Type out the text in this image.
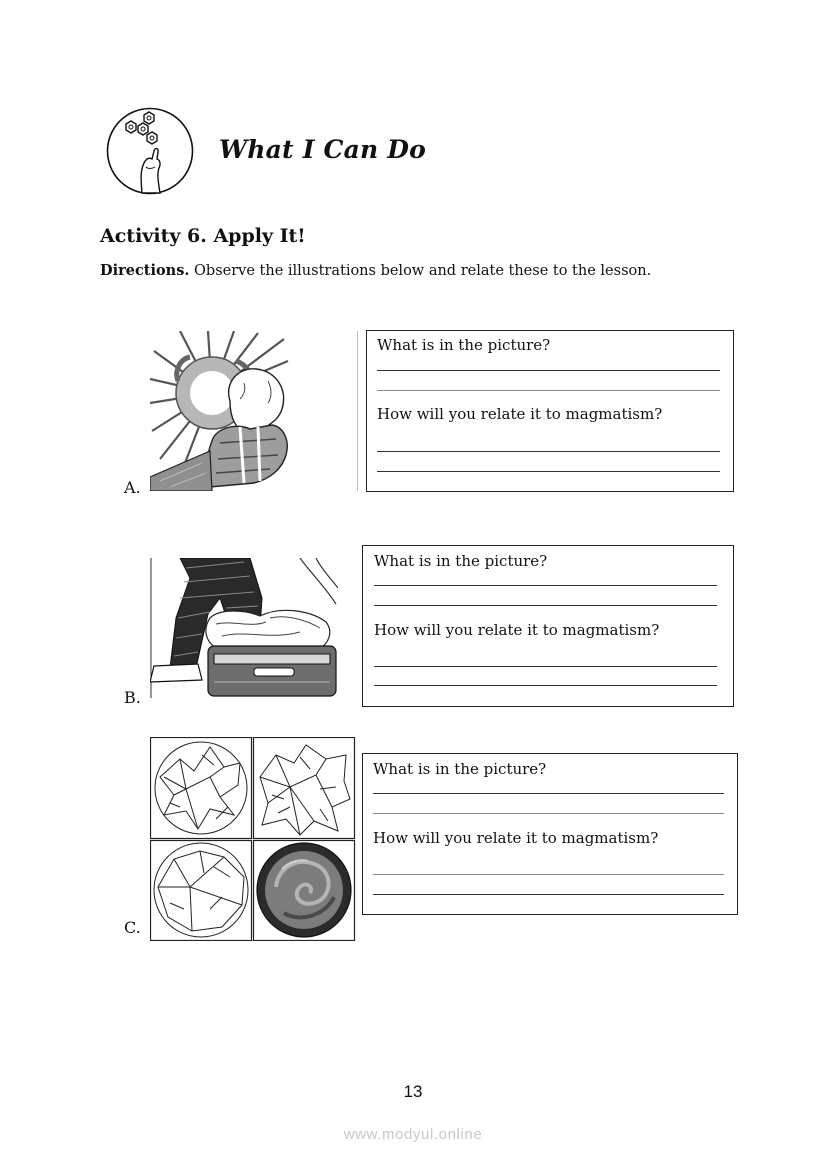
What I Can Do
Activity 6. Apply It!
Directions. Observe the illustrations below and relate these to the lesson.
A.
What is in the picture?
How will you relate it to magmatism?
B.
What is in the picture?
How will you relate it to magmatism?
C.
What is in the picture?
How will you relate it to magmatism?
13
www.modyul.online
